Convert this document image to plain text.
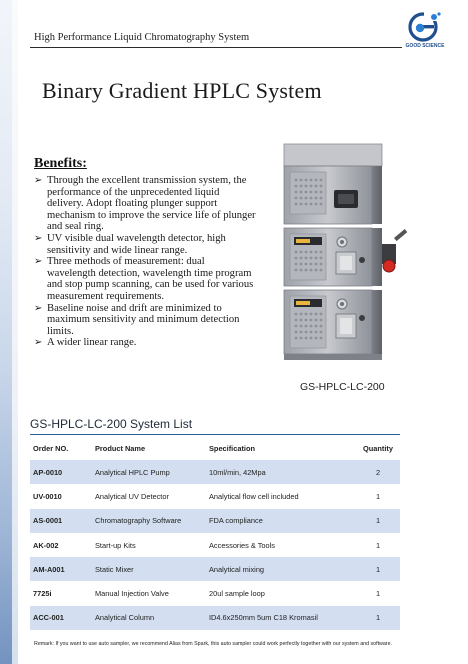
High Performance Liquid Chromatography System
GOOD SCIENCE
Binary Gradient HPLC System
Benefits:
➢ Through the excellent transmission system, the performance of the unprecedented liquid delivery. Adopt floating plunger support mechanism to improve the service life of plunger and seal ring.
➢ UV visible dual wavelength detector, high sensitivity and wide linear range.
➢ Three methods of measurement: dual wavelength detection, wavelength time program and stop pump scanning, can be used for various measurement requirements.
➢ Baseline noise and drift are minimized to maximum sensitivity and minimum detection limits.
➢ A wider linear range.
GS-HPLC-LC-200
GS-HPLC-LC-200 System List
Order NO.	Product Name	Specification	Quantity
AP-0010	Analytical HPLC Pump	10ml/min, 42Mpa	2
UV-0010	Analytical UV Detector	Analytical flow cell included	1
AS-0001	Chromatography Software	FDA compliance	1
AK-002	Start-up Kits	Accessories & Tools	1
AM-A001	Static Mixer	Analytical mixing	1
7725i	Manual Injection Valve	20ul sample loop	1
ACC-001	Analytical Column	ID4.6x250mm 5um C18 Kromasil	1
Remark: If you want to use auto sampler, we recommend Alias from Spark, this auto sampler could work perfectly together with our system and software.
